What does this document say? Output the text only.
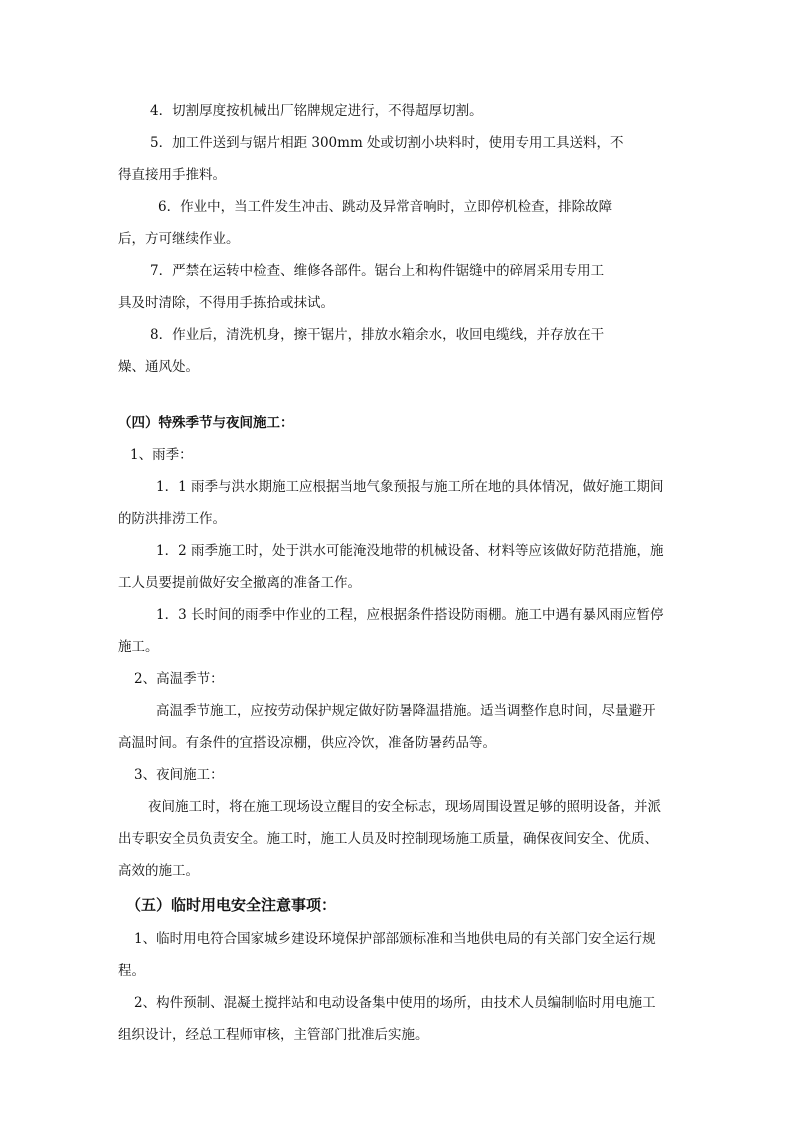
4．切割厚度按机械出厂铭牌规定进行，不得超厚切割。
5．加工件送到与锯片相距 300mm 处或切割小块料时，使用专用工具送料，不
得直接用手推料。
6．作业中，当工件发生冲击、跳动及异常音响时，立即停机检查，排除故障
后，方可继续作业。
7．严禁在运转中检查、维修各部件。锯台上和构件锯缝中的碎屑采用专用工
具及时清除，不得用手拣拾或抹试。
8．作业后，清洗机身，擦干锯片，排放水箱余水，收回电缆线，并存放在干
燥、通风处。
（四）特殊季节与夜间施工：
1、雨季：
1．1 雨季与洪水期施工应根据当地气象预报与施工所在地的具体情况，做好施工期间
的防洪排涝工作。
1．2 雨季施工时，处于洪水可能淹没地带的机械设备、材料等应该做好防范措施，施
工人员要提前做好安全撤离的准备工作。
1．3 长时间的雨季中作业的工程，应根据条件搭设防雨棚。施工中遇有暴风雨应暂停
施工。
2、高温季节：
高温季节施工，应按劳动保护规定做好防暑降温措施。适当调整作息时间，尽量避开
高温时间。有条件的宜搭设凉棚，供应冷饮，准备防暑药品等。
3、夜间施工：
夜间施工时，将在施工现场设立醒目的安全标志，现场周围设置足够的照明设备，并派
出专职安全员负责安全。施工时，施工人员及时控制现场施工质量，确保夜间安全、优质、
高效的施工。
（五）临时用电安全注意事项：
1、临时用电符合国家城乡建设环境保护部部颁标准和当地供电局的有关部门安全运行规
程。
2、构件预制、混凝土搅拌站和电动设备集中使用的场所，由技术人员编制临时用电施工
组织设计，经总工程师审核，主管部门批准后实施。
